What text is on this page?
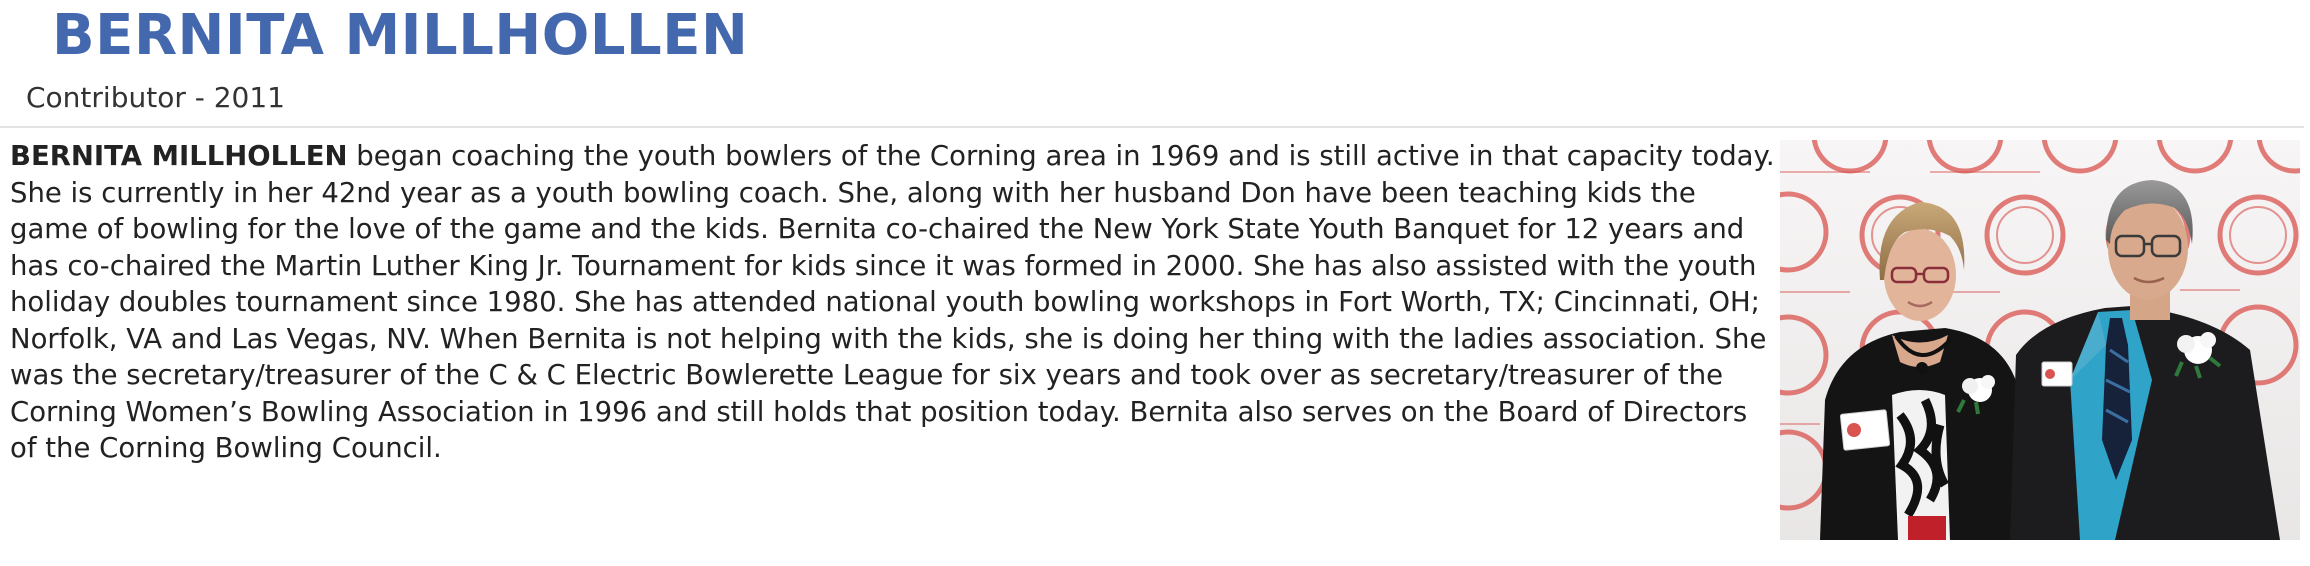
BERNITA MILLHOLLEN
Contributor - 2011

BERNITA MILLHOLLEN began coaching the youth bowlers of the Corning area in 1969 and is still active in that capacity today. She is currently in her 42nd year as a youth bowling coach. She, along with her husband Don have been teaching kids the game of bowling for the love of the game and the kids. Bernita co-chaired the New York State Youth Banquet for 12 years and has co-chaired the Martin Luther King Jr. Tournament for kids since it was formed in 2000. She has also assisted with the youth holiday doubles tournament since 1980. She has attended national youth bowling workshops in Fort Worth, TX; Cincinnati, OH; Norfolk, VA and Las Vegas, NV. When Bernita is not helping with the kids, she is doing her thing with the ladies association. She was the secretary/treasurer of the C & C Electric Bowlerette League for six years and took over as secretary/treasurer of the Corning Women’s Bowling Association in 1996 and still holds that position today. Bernita also serves on the Board of Directors of the Corning Bowling Council.
